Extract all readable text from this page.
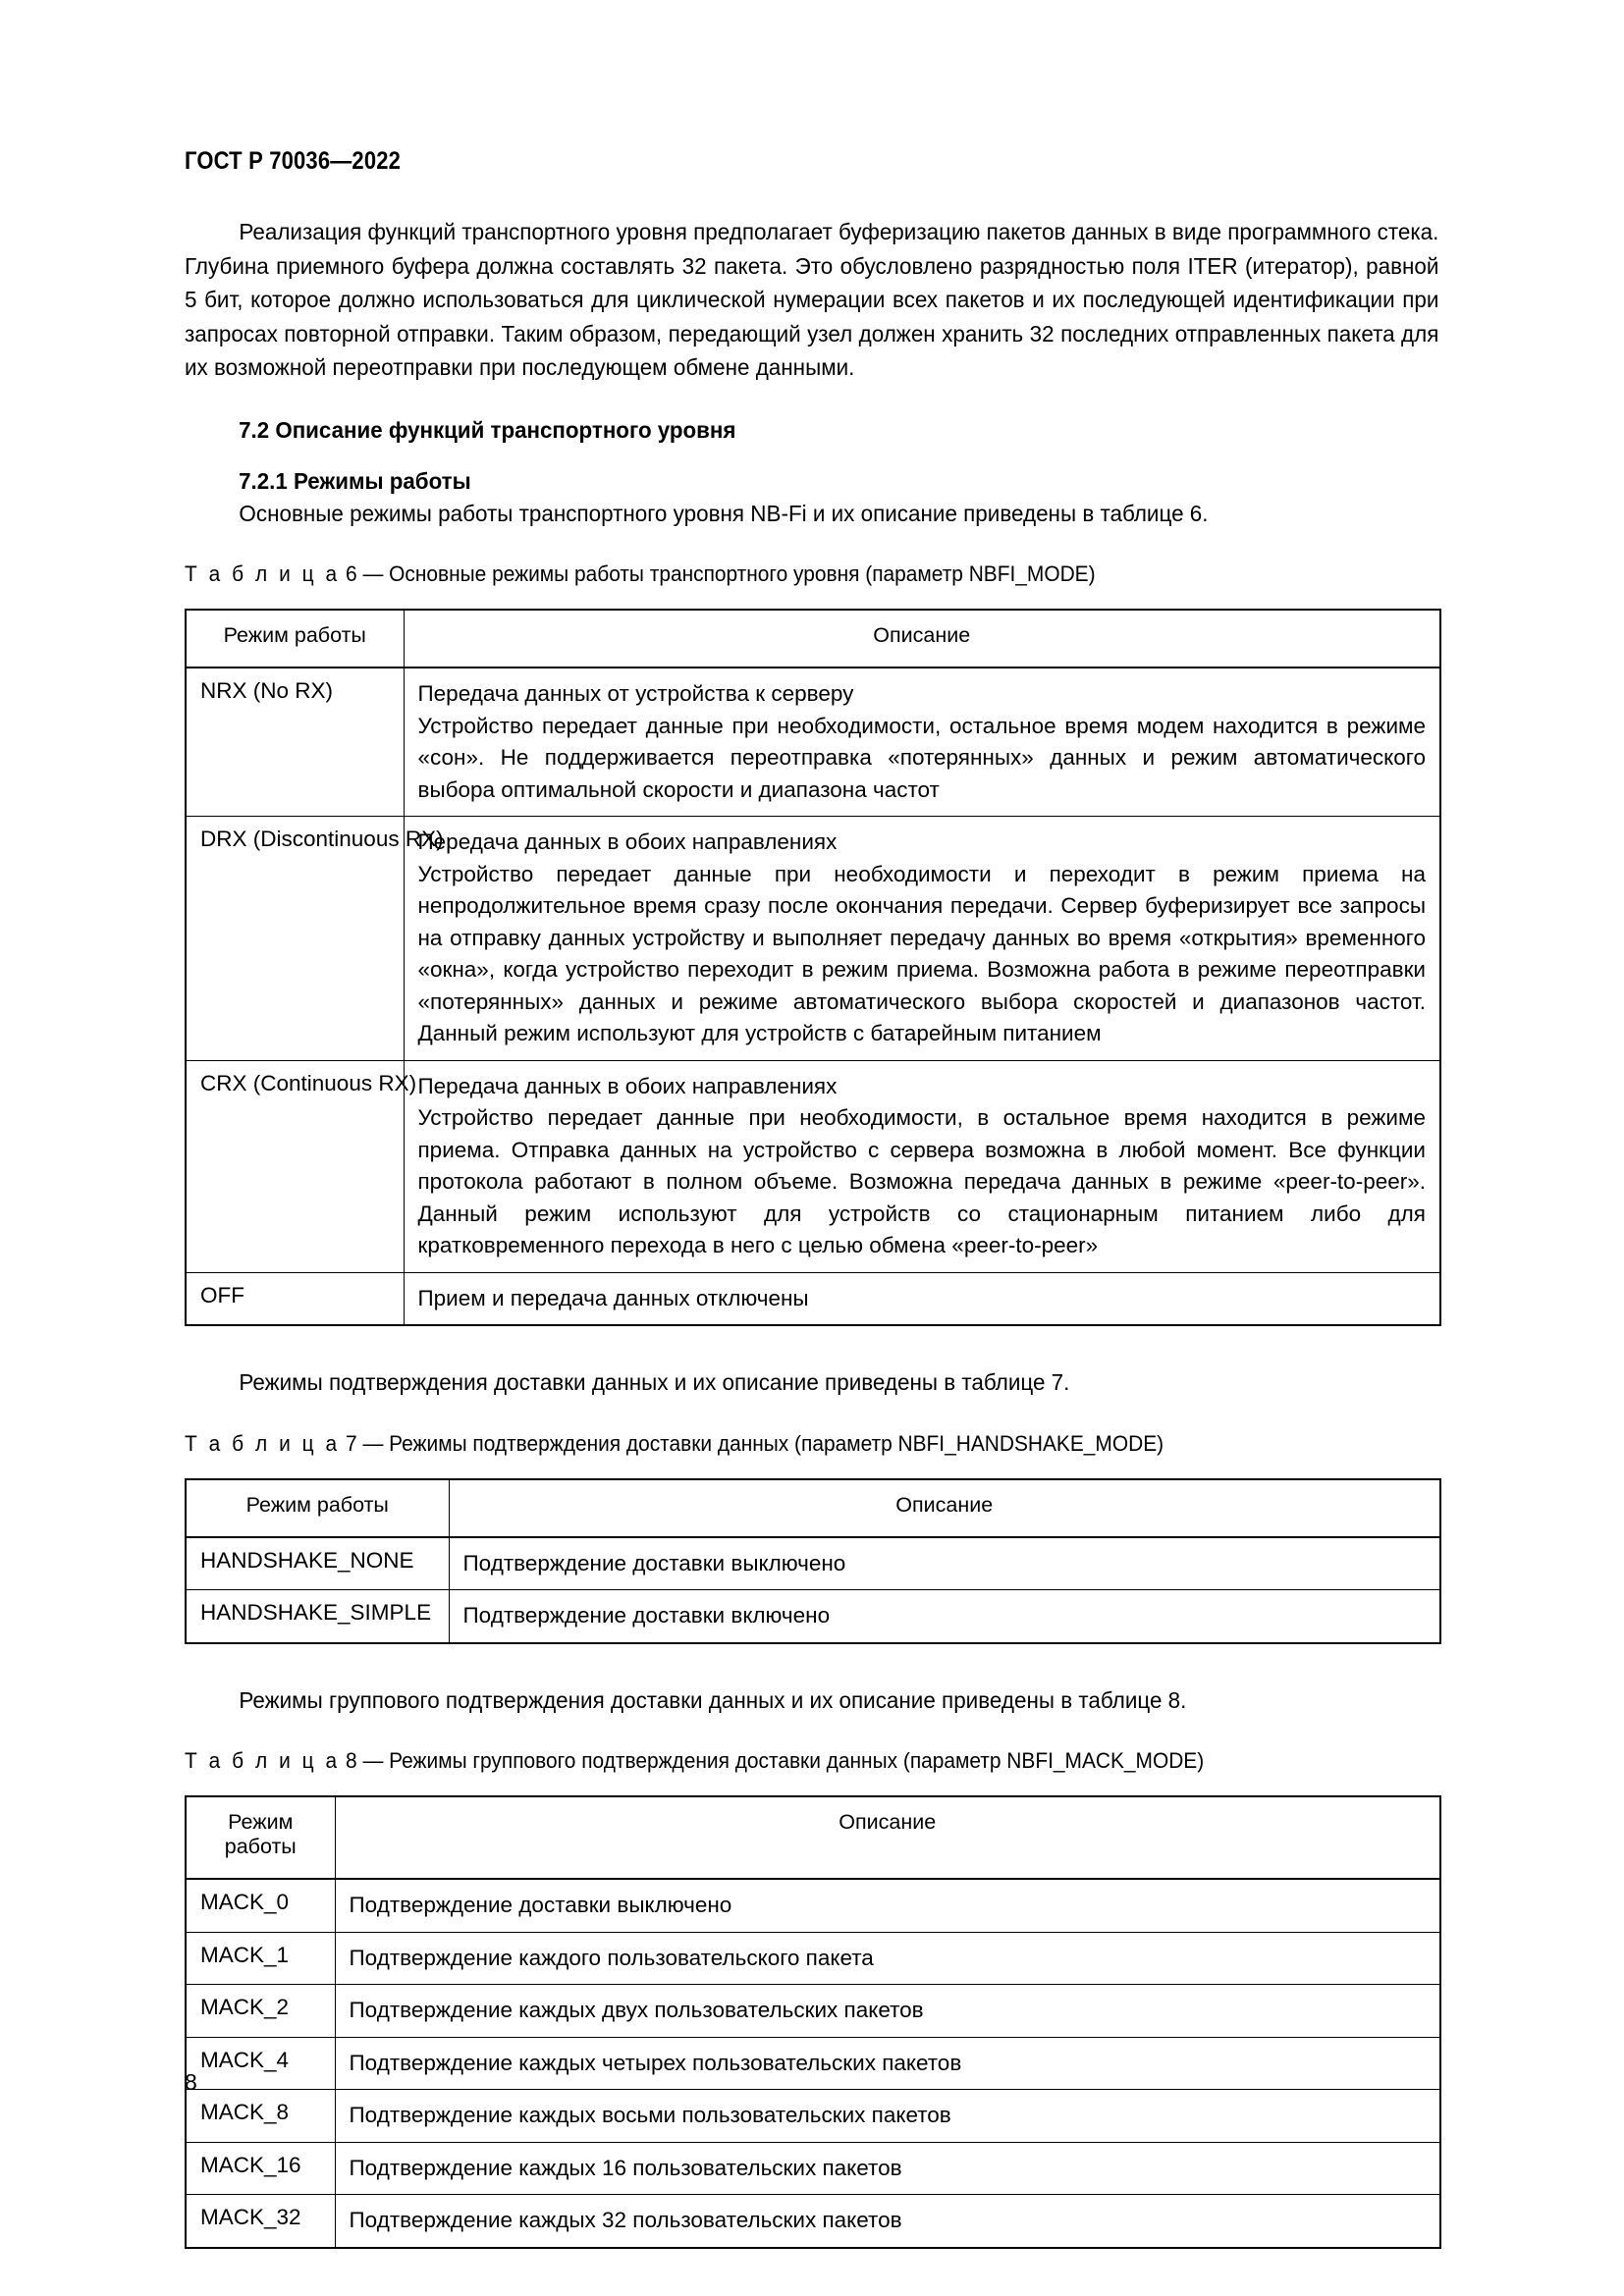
ГОСТ Р 70036—2022

Реализация функций транспортного уровня предполагает буферизацию пакетов данных в виде программного стека. Глубина приемного буфера должна составлять 32 пакета. Это обусловлено разрядностью поля ITER (итератор), равной 5 бит, которое должно использоваться для циклической нумерации всех пакетов и их последующей идентификации при запросах повторной отправки. Таким образом, передающий узел должен хранить 32 последних отправленных пакета для их возможной переотправки при последующем обмене данными.

7.2 Описание функций транспортного уровня
7.2.1 Режимы работы

Основные режимы работы транспортного уровня NB-Fi и их описание приведены в таблице 6.

Т а б л и ц а 6 — Основные режимы работы транспортного уровня (параметр NBFI_MODE)

Режим работы	Описание
NRX (No RX)	Передача данных от устройства к серверу
Устройство передает данные при необходимости, остальное время модем находится в режиме «сон». Не поддерживается переотправка «потерянных» данных и режим автоматического выбора оптимальной скорости и диапазона частот
DRX (Discontinuous RX)	Передача данных в обоих направлениях
Устройство передает данные при необходимости и переходит в режим приема на непродолжительное время сразу после окончания передачи. Сервер буферизирует все запросы на отправку данных устройству и выполняет передачу данных во время «открытия» временного «окна», когда устройство переходит в режим приема. Возможна работа в режиме переотправки «потерянных» данных и режиме автоматического выбора скоростей и диапазонов частот. Данный режим используют для устройств с батарейным питанием
CRX (Continuous RX)	Передача данных в обоих направлениях
Устройство передает данные при необходимости, в остальное время находится в режиме приема. Отправка данных на устройство с сервера возможна в любой момент. Все функции протокола работают в полном объеме. Возможна передача данных в режиме «peer-to-peer». Данный режим используют для устройств со стационарным питанием либо для кратковременного перехода в него с целью обмена «peer-to-peer»
OFF	Прием и передача данных отключены

Режимы подтверждения доставки данных и их описание приведены в таблице 7.

Т а б л и ц а 7 — Режимы подтверждения доставки данных (параметр NBFI_HANDSHAKE_MODE)

Режим работы	Описание
HANDSHAKE_NONE	Подтверждение доставки выключено
HANDSHAKE_SIMPLE	Подтверждение доставки включено

Режимы группового подтверждения доставки данных и их описание приведены в таблице 8.

Т а б л и ц а 8 — Режимы группового подтверждения доставки данных (параметр NBFI_MACK_MODE)

Режим работы	Описание
MACK_0	Подтверждение доставки выключено
MACK_1	Подтверждение каждого пользовательского пакета
MACK_2	Подтверждение каждых двух пользовательских пакетов
MACK_4	Подтверждение каждых четырех пользовательских пакетов
MACK_8	Подтверждение каждых восьми пользовательских пакетов
MACK_16	Подтверждение каждых 16 пользовательских пакетов
MACK_32	Подтверждение каждых 32 пользовательских пакетов
8
